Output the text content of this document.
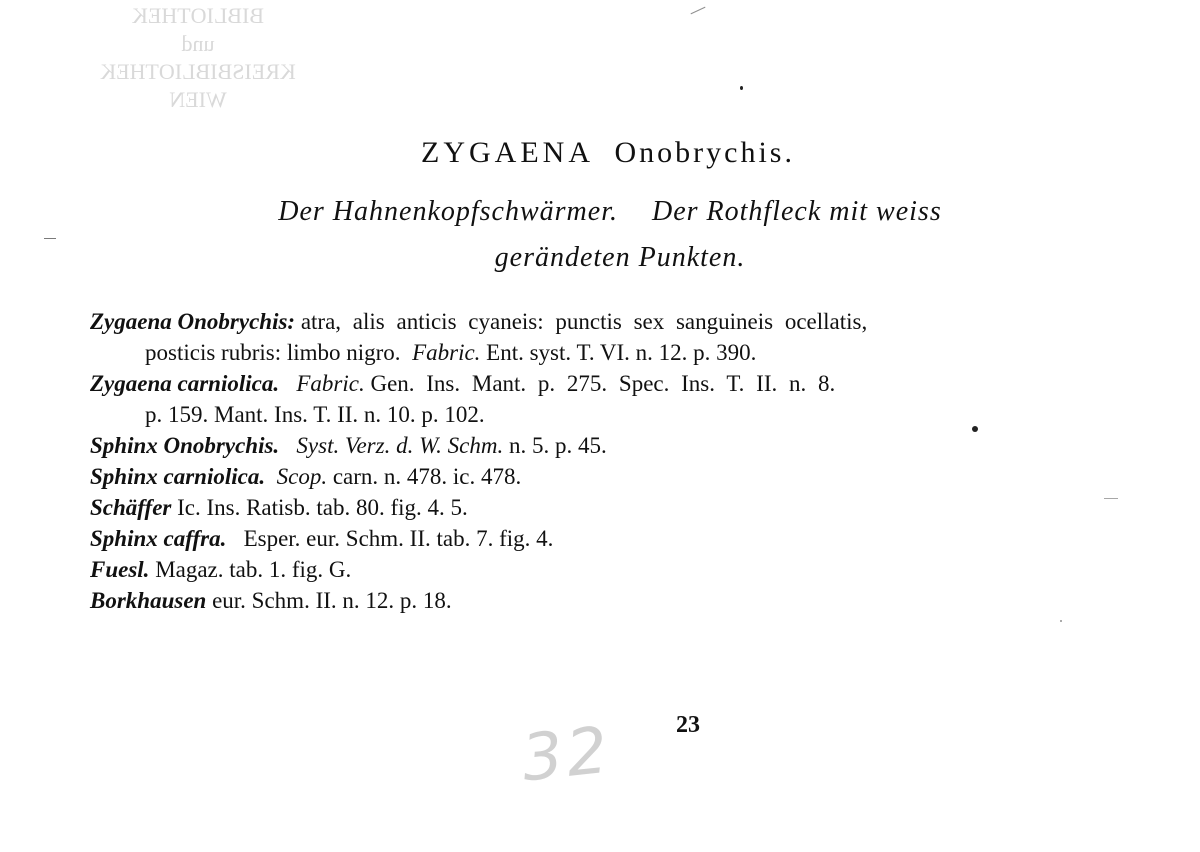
BIBLIOTHEK
und
KREISBIBLIOTHEK
WIEN
ZYGAENA Onobrychis.
Der Hahnenkopfschwärmer. Der Rothfleck mit weiss
gerändeten Punkten.
Zygaena Onobrychis: atra, alis anticis cyaneis: punctis sex sanguineis ocellatis,
posticis rubris: limbo nigro. Fabric. Ent. syst. T. VI. n. 12. p. 390.
Zygaena carniolica. Fabric. Gen. Ins. Mant. p. 275. Spec. Ins. T. II. n. 8.
p. 159. Mant. Ins. T. II. n. 10. p. 102.
Sphinx Onobrychis. Syst. Verz. d. W. Schm. n. 5. p. 45.
Sphinx carniolica. Scop. carn. n. 478. ic. 478.
Schäffer Ic. Ins. Ratisb. tab. 80. fig. 4. 5.
Sphinx caffra. Esper. eur. Schm. II. tab. 7. fig. 4.
Fuesl. Magaz. tab. 1. fig. G.
Borkhausen eur. Schm. II. n. 12. p. 18.
32	23
